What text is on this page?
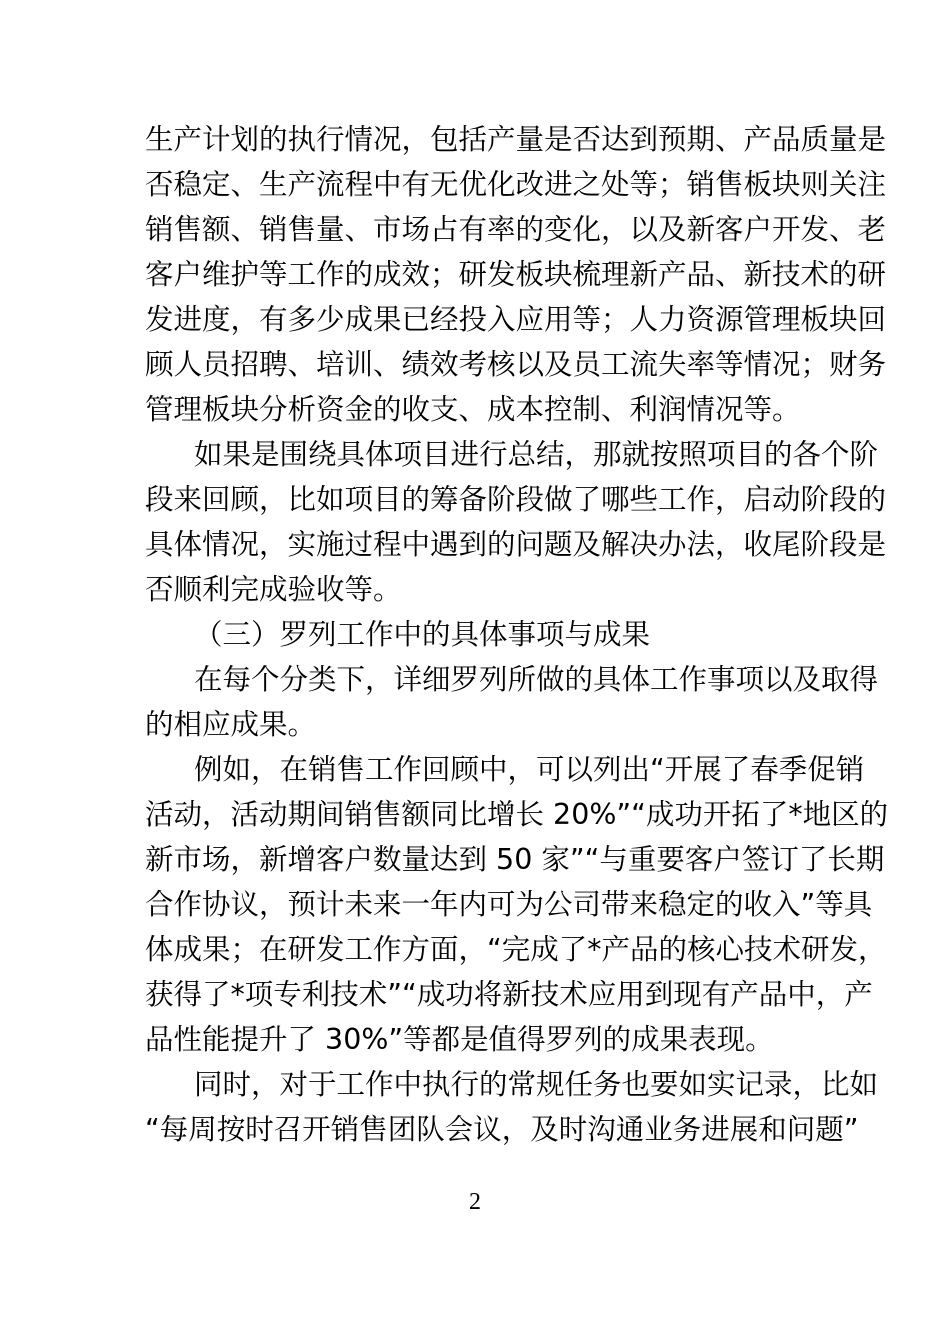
生产计划的执行情况，包括产量是否达到预期、产品质量是
否稳定、生产流程中有无优化改进之处等；销售板块则关注
销售额、销售量、市场占有率的变化，以及新客户开发、老
客户维护等工作的成效；研发板块梳理新产品、新技术的研
发进度，有多少成果已经投入应用等；人力资源管理板块回
顾人员招聘、培训、绩效考核以及员工流失率等情况；财务
管理板块分析资金的收支、成本控制、利润情况等。
如果是围绕具体项目进行总结，那就按照项目的各个阶
段来回顾，比如项目的筹备阶段做了哪些工作，启动阶段的
具体情况，实施过程中遇到的问题及解决办法，收尾阶段是
否顺利完成验收等。
（三）罗列工作中的具体事项与成果
在每个分类下，详细罗列所做的具体工作事项以及取得
的相应成果。
例如，在销售工作回顾中，可以列出“开展了春季促销
活动，活动期间销售额同比增长 20%”“成功开拓了*地区的
新市场，新增客户数量达到 50 家”“与重要客户签订了长期
合作协议，预计未来一年内可为公司带来稳定的收入”等具
体成果；在研发工作方面，“完成了*产品的核心技术研发，
获得了*项专利技术”“成功将新技术应用到现有产品中，产
品性能提升了 30%”等都是值得罗列的成果表现。
同时，对于工作中执行的常规任务也要如实记录，比如
“每周按时召开销售团队会议，及时沟通业务进展和问题”
2
